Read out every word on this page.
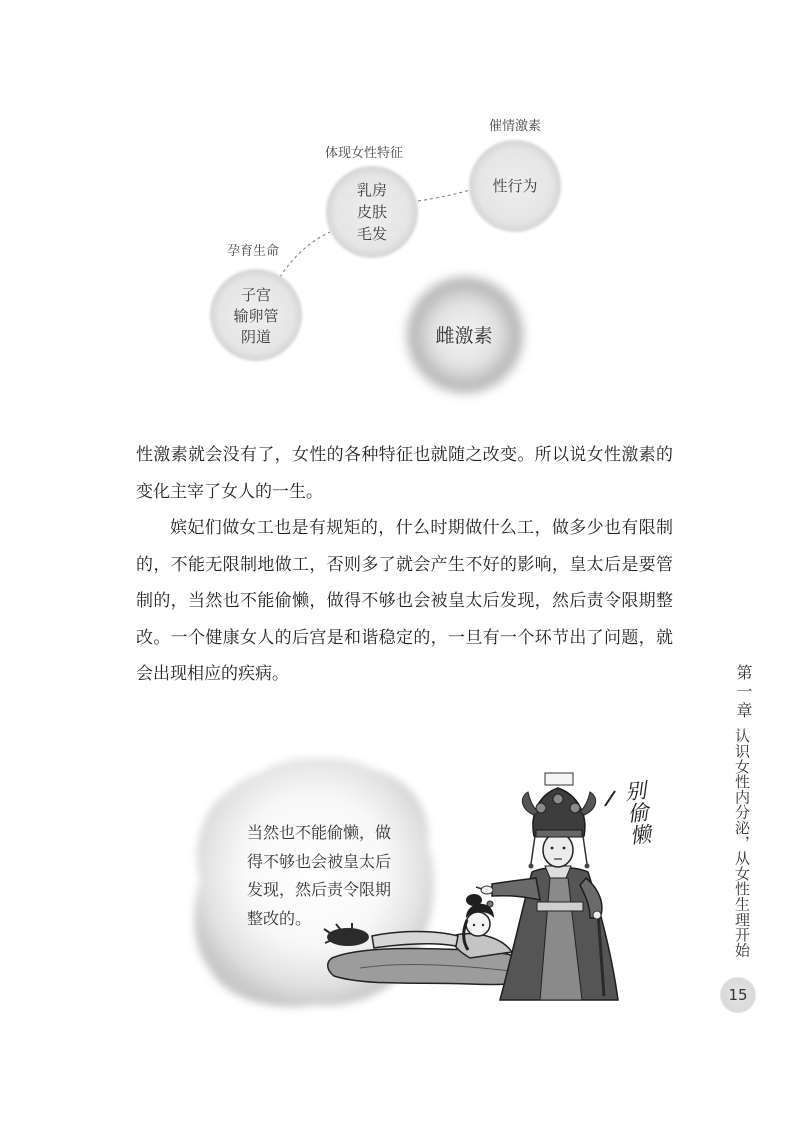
孕育生命
子宫
输卵管
阴道
体现女性特征
乳房
皮肤
毛发
催情激素
性行为
雌激素
性激素就会没有了，女性的各种特征也就随之改变。所以说女性激素的
变化主宰了女人的一生。
嫔妃们做女工也是有规矩的，什么时期做什么工，做多少也有限制
的，不能无限制地做工，否则多了就会产生不好的影响，皇太后是要管
制的，当然也不能偷懒，做得不够也会被皇太后发现，然后责令限期整
改。一个健康女人的后宫是和谐稳定的，一旦有一个环节出了问题，就
会出现相应的疾病。
当然也不能偷懒，做
得不够也会被皇太后
发现，然后责令限期
整改的。
别偷懒
第一章
认识女性内分泌，从女性生理开始
15
